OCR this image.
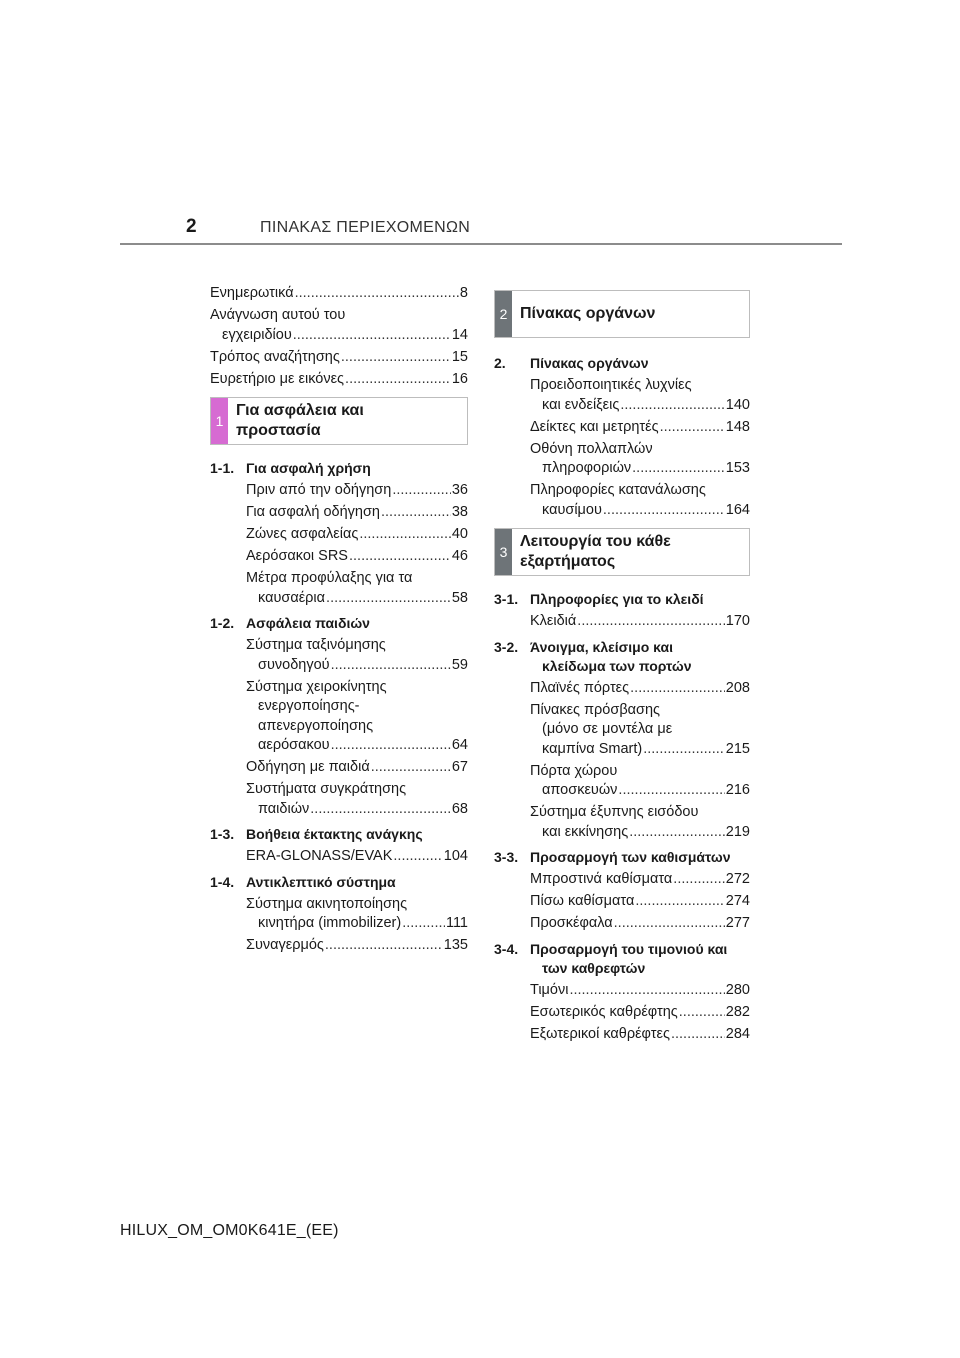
2	ΠΙΝΑΚΑΣ ΠΕΡΙΕΧΟΜΕΝΩΝ
Ενημερωτικά .....	8
Ανάγνωση αυτού του
εγχειριδίου .....	14
Τρόπος αναζήτησης .....	15
Ευρετήριο με εικόνες .....	16
1
Για ασφάλεια και
προστασία
1-1. Για ασφαλή χρήση
Πριν από την οδήγηση .....	36
Για ασφαλή οδήγηση .....	38
Ζώνες ασφαλείας .....	40
Αερόσακοι SRS .....	46
Μέτρα προφύλαξης για τα
καυσαέρια .....	58
1-2. Ασφάλεια παιδιών
Σύστημα ταξινόμησης
συνοδηγού .....	59
Σύστημα χειροκίνητης
ενεργοποίησης-
απενεργοποίησης
αερόσακου .....	64
Οδήγηση με παιδιά .....	67
Συστήματα συγκράτησης
παιδιών .....	68
1-3. Βοήθεια έκτακτης ανάγκης
ERA-GLONASS/EVAK .....	104
1-4. Αντικλεπτικό σύστημα
Σύστημα ακινητοποίησης
κινητήρα (immobilizer) .....	111
Συναγερμός .....	135
2 Πίνακας οργάνων
2.	Πίνακας οργάνων
Προειδοποιητικές λυχνίες
και ενδείξεις .....	140
Δείκτες και μετρητές .....	148
Οθόνη πολλαπλών
πληροφοριών .....	153
Πληροφορίες κατανάλωσης
καυσίμου .....	164
3
Λειτουργία του κάθε
εξαρτήματος
3-1. Πληροφορίες για το κλειδί
Κλειδιά .....	170
3-2. Άνοιγμα, κλείσιμο και
κλείδωμα των πορτών
Πλαϊνές πόρτες .....	208
Πίνακες πρόσβασης
(μόνο σε μοντέλα με
καμπίνα Smart) .....	215
Πόρτα χώρου
αποσκευών .....	216
Σύστημα έξυπνης εισόδου
και εκκίνησης .....	219
3-3. Προσαρμογή των καθισμάτων
Μπροστινά καθίσματα .....	272
Πίσω καθίσματα .....	274
Προσκέφαλα .....	277
3-4. Προσαρμογή του τιμονιού και
των καθρεφτών
Τιμόνι .....	280
Εσωτερικός καθρέφτης .....	282
Εξωτερικοί καθρέφτες .....	284
HILUX_OM_OM0K641E_(EE)
